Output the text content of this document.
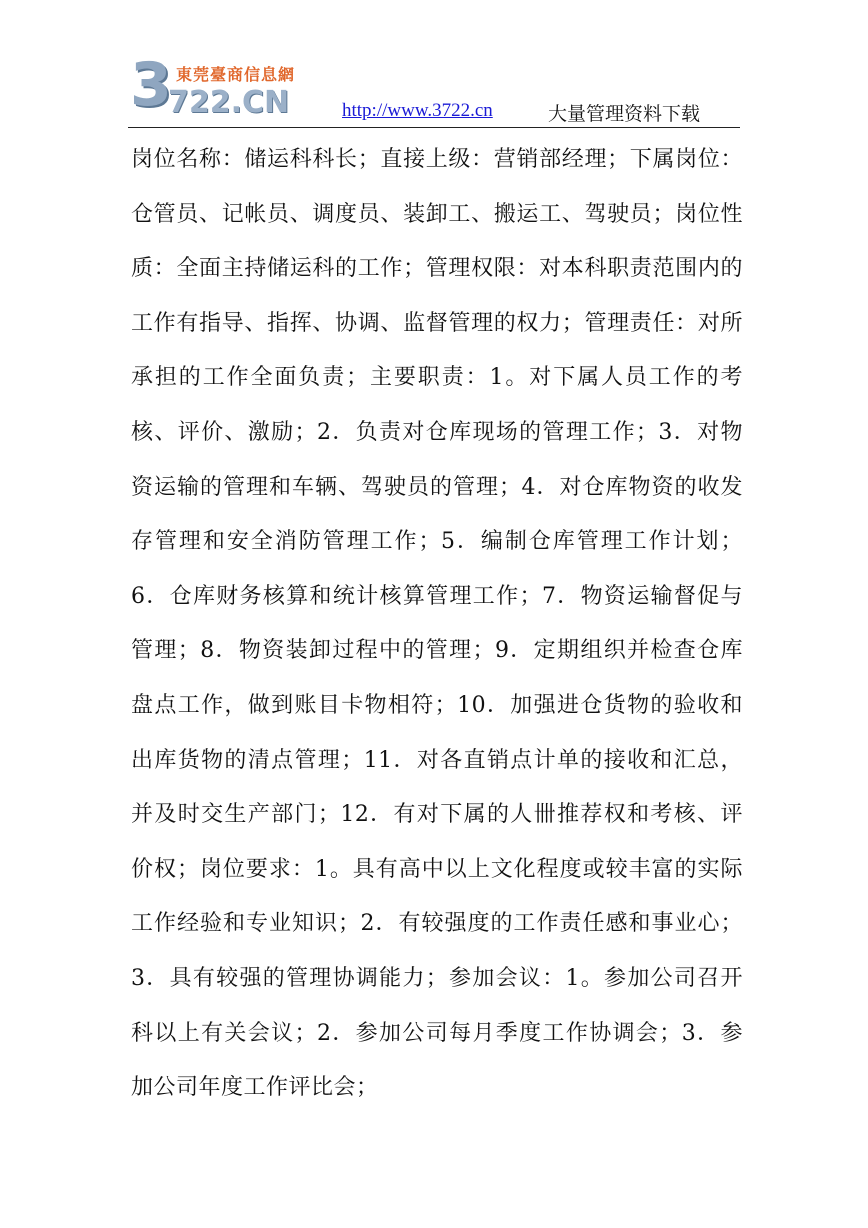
3 東莞臺商信息網
722.CN	http://www.3722.cn	大量管理资料下载

岗位名称：储运科科长；直接上级：营销部经理；下属岗位：仓管员、记帐员、调度员、装卸工、搬运工、驾驶员；岗位性质：全面主持储运科的工作；管理权限：对本科职责范围内的工作有指导、指挥、协调、监督管理的权力；管理责任：对所承担的工作全面负责；主要职责：1。对下属人员工作的考核、评价、激励；2．负责对仓库现场的管理工作；3．对物资运输的管理和车辆、驾驶员的管理；4．对仓库物资的收发存管理和安全消防管理工作；5．编制仓库管理工作计划；6．仓库财务核算和统计核算管理工作；7．物资运输督促与管理；8．物资装卸过程中的管理；9．定期组织并检查仓库盘点工作，做到账目卡物相符；10．加强进仓货物的验收和出库货物的清点管理；11．对各直销点计单的接收和汇总，并及时交生产部门；12．有对下属的人卌推荐权和考核、评价权；岗位要求：1。具有高中以上文化程度或较丰富的实际工作经验和专业知识；2．有较强度的工作责任感和事业心；3．具有较强的管理协调能力；参加会议：1。参加公司召开科以上有关会议；2．参加公司每月季度工作协调会；3．参加公司年度工作评比会；
